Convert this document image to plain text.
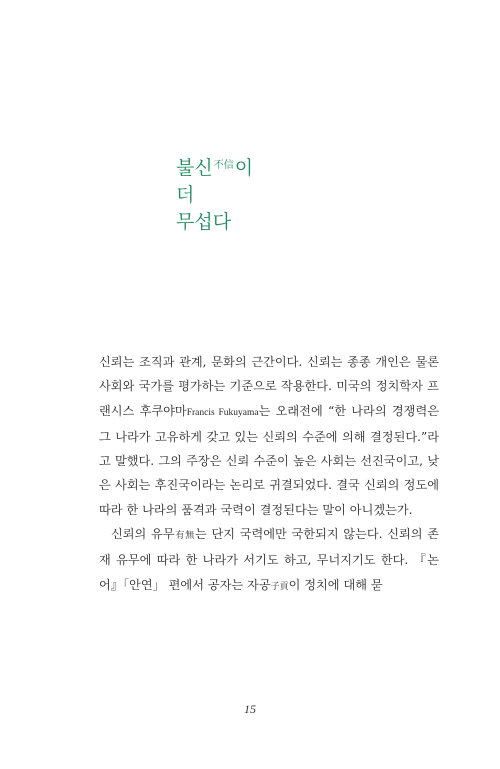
불신$^{不信}$이
더
무섭다

신뢰는 조직과 관계, 문화의 근간이다. 신뢰는 종종 개인은 물론 사회와 국가를 평가하는 기준으로 작용한다. 미국의 정치학자 프랜시스 후쿠야마Francis Fukuyama는 오래전에 “한 나라의 경쟁력은 그 나라가 고유하게 갖고 있는 신뢰의 수준에 의해 결정된다.”라고 말했다. 그의 주장은 신뢰 수준이 높은 사회는 선진국이고, 낮은 사회는 후진국이라는 논리로 귀결되었다. 결국 신뢰의 정도에 따라 한 나라의 품격과 국력이 결정된다는 말이 아니겠는가.

신뢰의 유무有無는 단지 국력에만 국한되지 않는다. 신뢰의 존재 유무에 따라 한 나라가 서기도 하고, 무너지기도 한다. 『논어』「안연」 편에서 공자는 자공子貢이 정치에 대해 묻

15
